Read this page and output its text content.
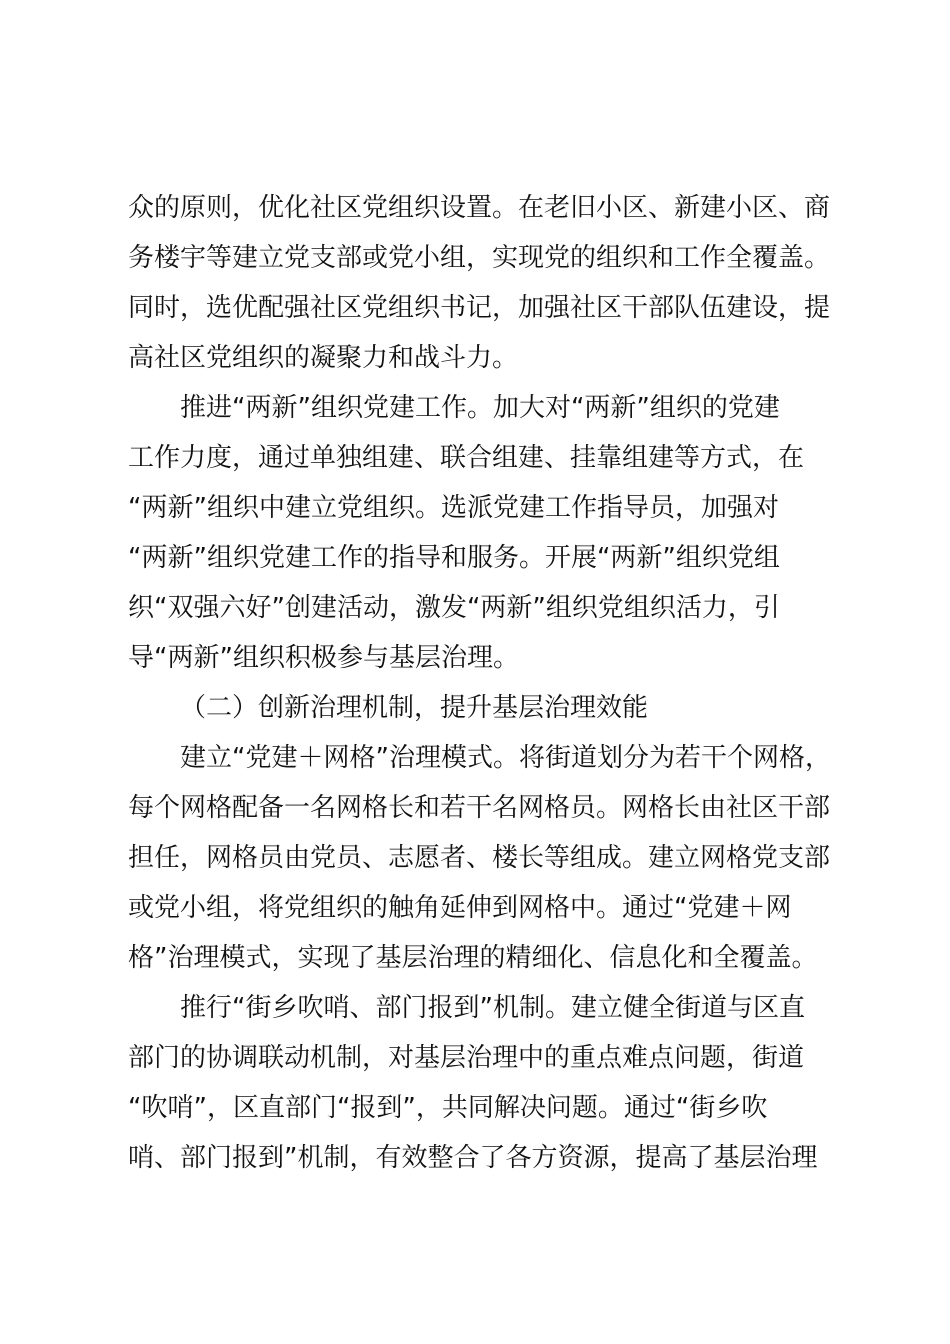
众的原则，优化社区党组织设置。在老旧小区、新建小区、商
务楼宇等建立党支部或党小组，实现党的组织和工作全覆盖。
同时，选优配强社区党组织书记，加强社区干部队伍建设，提
高社区党组织的凝聚力和战斗力。
推进“两新”组织党建工作。加大对“两新”组织的党建
工作力度，通过单独组建、联合组建、挂靠组建等方式，在
“两新”组织中建立党组织。选派党建工作指导员，加强对
“两新”组织党建工作的指导和服务。开展“两新”组织党组
织“双强六好”创建活动，激发“两新”组织党组织活力，引
导“两新”组织积极参与基层治理。
（二）创新治理机制，提升基层治理效能
建立“党建＋网格”治理模式。将街道划分为若干个网格，
每个网格配备一名网格长和若干名网格员。网格长由社区干部
担任，网格员由党员、志愿者、楼长等组成。建立网格党支部
或党小组，将党组织的触角延伸到网格中。通过“党建＋网
格”治理模式，实现了基层治理的精细化、信息化和全覆盖。
推行“街乡吹哨、部门报到”机制。建立健全街道与区直
部门的协调联动机制，对基层治理中的重点难点问题，街道
“吹哨”，区直部门“报到”，共同解决问题。通过“街乡吹
哨、部门报到”机制，有效整合了各方资源，提高了基层治理
